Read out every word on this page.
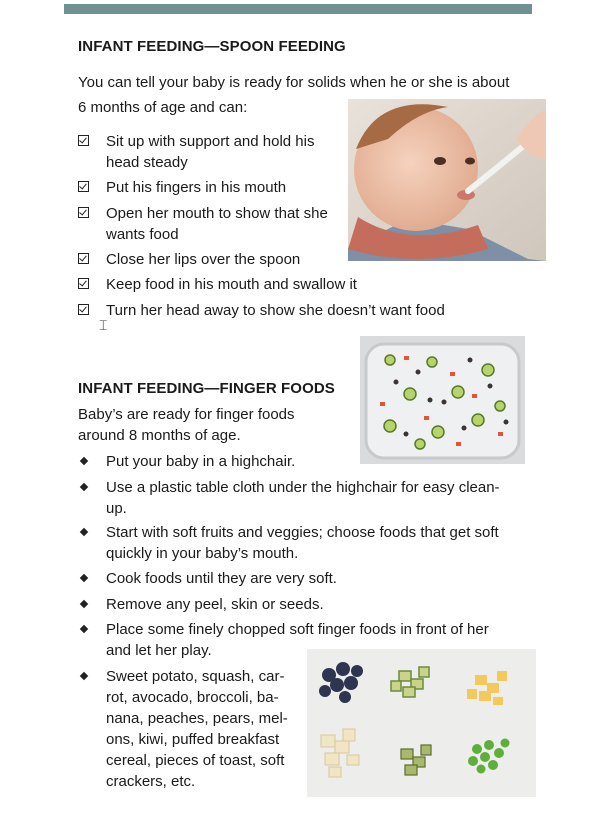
INFANT FEEDING—SPOON FEEDING
You can tell your baby is ready for solids when he or she is about
6 months of age and can:
Sit up with support and hold his
head steady
Put his fingers in his mouth
Open her mouth to show that she
wants food
Close her lips over the spoon
Keep food in his mouth and swallow it
Turn her head away to show she doesn’t want food
⌶
INFANT FEEDING—FINGER FOODS
Baby’s are ready for finger foods
around 8 months of age.
Put your baby in a highchair.
Use a plastic table cloth under the highchair for easy clean-
up.
Start with soft fruits and veggies; choose foods that get soft
quickly in your baby’s mouth.
Cook foods until they are very soft.
Remove any peel, skin or seeds.
Place some finely chopped soft finger foods in front of her
and let her play.
Sweet potato, squash, car-
rot, avocado, broccoli, ba-
nana, peaches, pears, mel-
ons, kiwi, puffed breakfast
cereal, pieces of toast, soft
crackers, etc.
